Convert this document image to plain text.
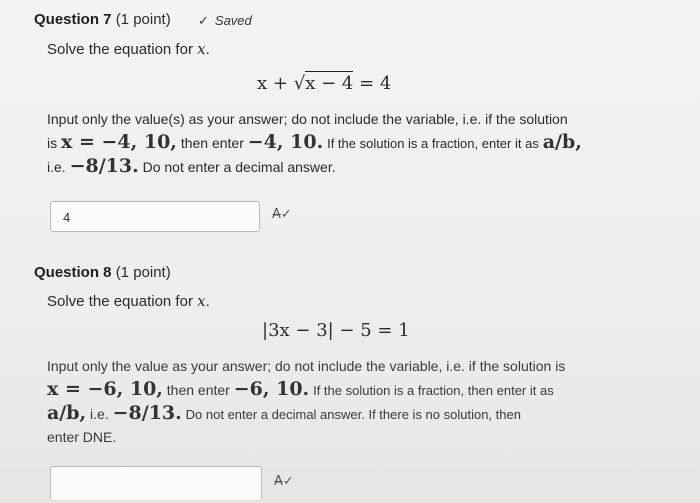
Question 7 (1 point) ✓ Saved
Solve the equation for x.
x + √x − 4 = 4
Input only the value(s) as your answer; do not include the variable, i.e. if the solution
is x = −4, 10, then enter −4, 10. If the solution is a fraction, enter it as a/b,
i.e. −8/13. Do not enter a decimal answer.
4	A̶✓
Question 8 (1 point)
Solve the equation for x.
|3x − 3| − 5 = 1
Input only the value as your answer; do not include the variable, i.e. if the solution is
x = −6, 10, then enter −6, 10. If the solution is a fraction, then enter it as
a/b, i.e. −8/13. Do not enter a decimal answer. If there is no solution, then
enter DNE.
A̶✓
